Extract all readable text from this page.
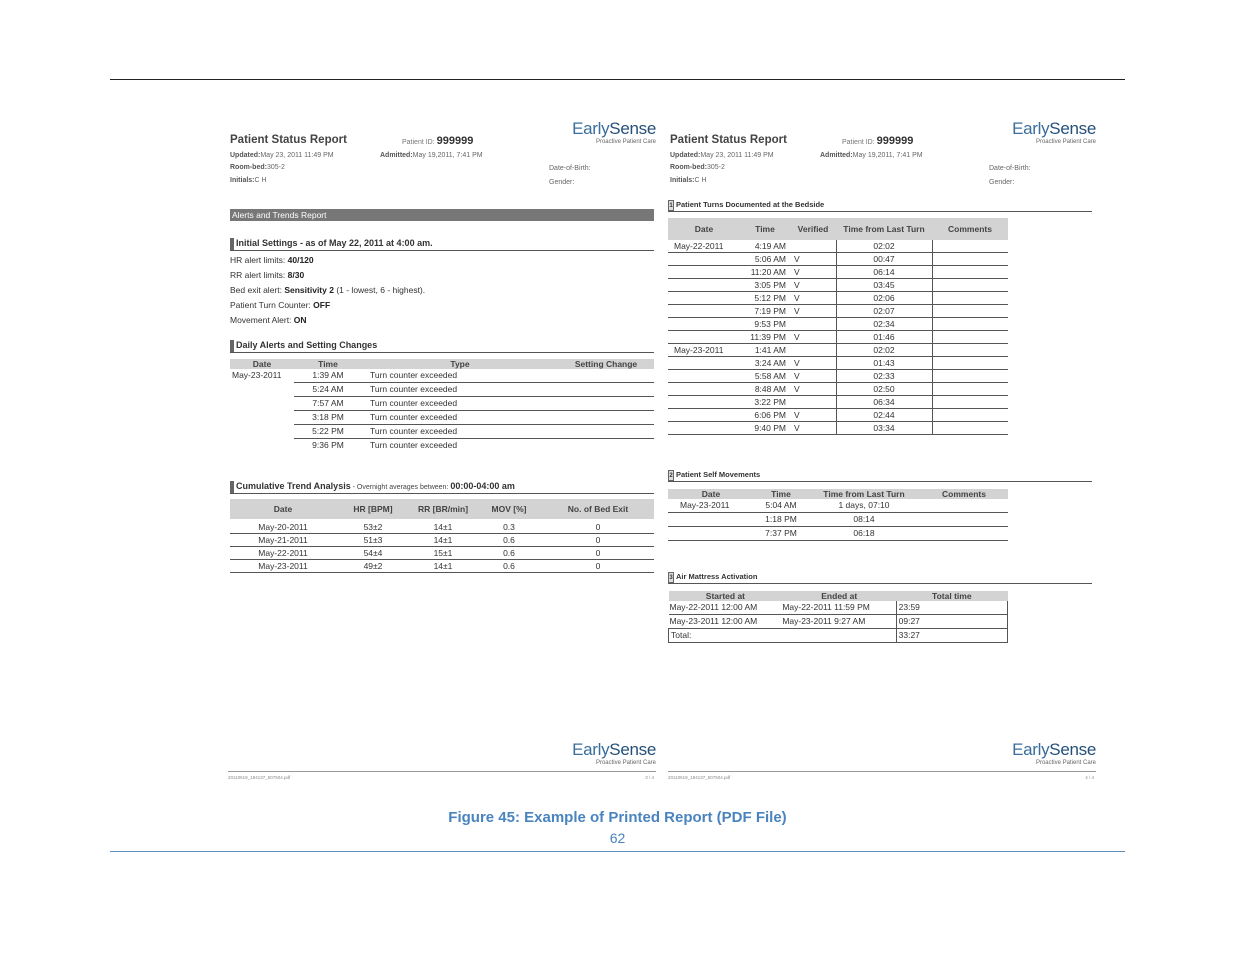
EarlySense
Proactive Patient Care
Patient Status Report	Patient ID: 999999
Updated:May 23, 2011 11:49 PM	Admitted:May 19,2011, 7:41 PM
Room-bed:305-2	Date-of-Birth:
Initials:C H	Gender:
Alerts and Trends Report
Initial Settings - as of May 22, 2011 at 4:00 am.
HR alert limits: 40/120
RR alert limits: 8/30
Bed exit alert: Sensitivity 2 (1 - lowest, 6 - highest).
Patient Turn Counter: OFF
Movement Alert: ON
Daily Alerts and Setting Changes
Date	Time	Type	Setting Change
May-23-2011	1:39 AM	Turn counter exceeded	
	5:24 AM	Turn counter exceeded	
	7:57 AM	Turn counter exceeded	
	3:18 PM	Turn counter exceeded	
	5:22 PM	Turn counter exceeded	
	9:36 PM	Turn counter exceeded	
Cumulative Trend Analysis - Overnight averages between: 00:00-04:00 am
Date	HR [BPM]	RR [BR/min]	MOV [%]	No. of Bed Exit
May-20-2011	53±2	14±1	0.3	0
May-21-2011	51±3	14±1	0.6	0
May-22-2011	54±4	15±1	0.6	0
May-23-2011	49±2	14±1	0.6	0
EarlySense
Proactive Patient Care
20110519_194137_507504.pdf	3 / 4
EarlySense
Proactive Patient Care
Patient Status Report	Patient ID: 999999
Updated:May 23, 2011 11:49 PM	Admitted:May 19,2011, 7:41 PM
Room-bed:305-2	Date-of-Birth:
Initials:C H	Gender:
1 Patient Turns Documented at the Bedside
Date	Time	Verified	Time from Last Turn	Comments
May-22-2011	4:19 AM		02:02	
	5:06 AM	V	00:47	
	11:20 AM	V	06:14	
	3:05 PM	V	03:45	
	5:12 PM	V	02:06	
	7:19 PM	V	02:07	
	9:53 PM		02:34	
	11:39 PM	V	01:46	
May-23-2011	1:41 AM		02:02	
	3:24 AM	V	01:43	
	5:58 AM	V	02:33	
	8:48 AM	V	02:50	
	3:22 PM		06:34	
	6:06 PM	V	02:44	
	9:40 PM	V	03:34	
2 Patient Self Movements
Date	Time	Time from Last Turn	Comments
May-23-2011	5:04 AM	1 days, 07:10	
	1:18 PM	08:14	
	7:37 PM	06:18	
3 Air Mattress Activation
Started at	Ended at	Total time
May-22-2011 12:00 AM	May-22-2011 11:59 PM	23:59
May-23-2011 12:00 AM	May-23-2011 9:27 AM	09:27
Total:		33:27
EarlySense
Proactive Patient Care
20110519_194137_507504.pdf	4 / 4
Figure 45: Example of Printed Report (PDF File)
62
